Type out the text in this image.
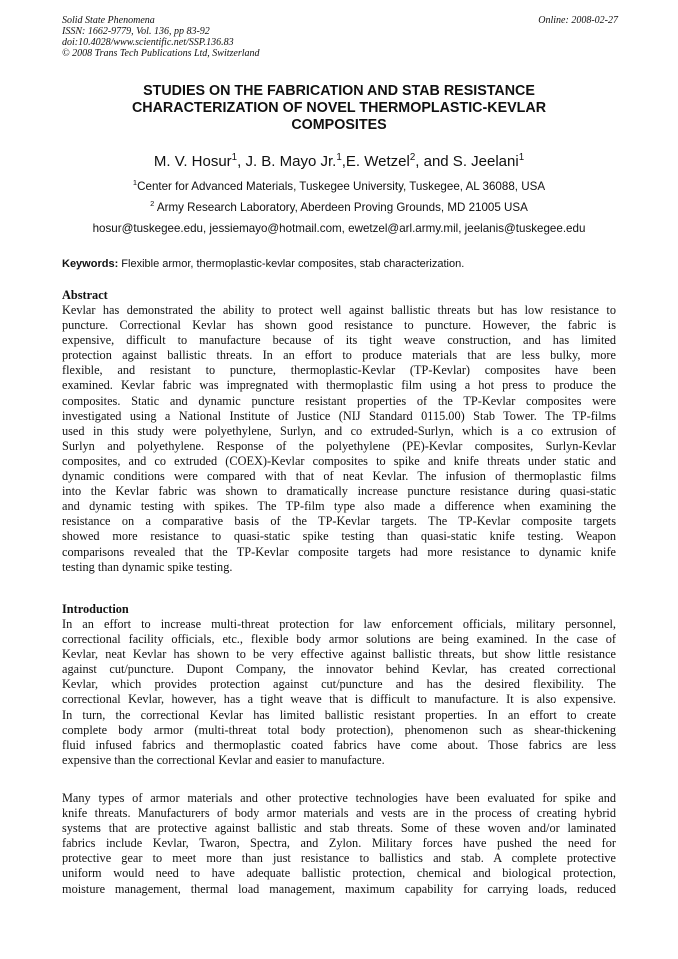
Solid State Phenomena
ISSN: 1662-9779, Vol. 136, pp 83-92
doi:10.4028/www.scientific.net/SSP.136.83
© 2008 Trans Tech Publications Ltd, Switzerland
Online: 2008-02-27
STUDIES ON THE FABRICATION AND STAB RESISTANCE
CHARACTERIZATION OF NOVEL THERMOPLASTIC-KEVLAR
COMPOSITES
M. V. Hosur$^1$, J. B. Mayo Jr.$^1$,E. Wetzel$^2$, and S. Jeelani$^1$
$^1$Center for Advanced Materials, Tuskegee University, Tuskegee, AL 36088, USA
$^2$ Army Research Laboratory, Aberdeen Proving Grounds, MD 21005 USA
hosur@tuskegee.edu, jessiemayo@hotmail.com, ewetzel@arl.army.mil, jeelanis@tuskegee.edu
Keywords: Flexible armor, thermoplastic-kevlar composites, stab characterization.
Abstract
Kevlar has demonstrated the ability to protect well against ballistic threats but has low resistance to
puncture. Correctional Kevlar has shown good resistance to puncture. However, the fabric is
expensive, difficult to manufacture because of its tight weave construction, and has limited
protection against ballistic threats. In an effort to produce materials that are less bulky, more
flexible, and resistant to puncture, thermoplastic-Kevlar (TP-Kevlar) composites have been
examined. Kevlar fabric was impregnated with thermoplastic film using a hot press to produce the
composites. Static and dynamic puncture resistant properties of the TP-Kevlar composites were
investigated using a National Institute of Justice (NIJ Standard 0115.00) Stab Tower. The TP-films
used in this study were polyethylene, Surlyn, and co extruded-Surlyn, which is a co extrusion of
Surlyn and polyethylene. Response of the polyethylene (PE)-Kevlar composites, Surlyn-Kevlar
composites, and co extruded (COEX)-Kevlar composites to spike and knife threats under static and
dynamic conditions were compared with that of neat Kevlar. The infusion of thermoplastic films
into the Kevlar fabric was shown to dramatically increase puncture resistance during quasi-static
and dynamic testing with spikes. The TP-film type also made a difference when examining the
resistance on a comparative basis of the TP-Kevlar targets. The TP-Kevlar composite targets
showed more resistance to quasi-static spike testing than quasi-static knife testing. Weapon
comparisons revealed that the TP-Kevlar composite targets had more resistance to dynamic knife
testing than dynamic spike testing.
Introduction
In an effort to increase multi-threat protection for law enforcement officials, military personnel,
correctional facility officials, etc., flexible body armor solutions are being examined. In the case of
Kevlar, neat Kevlar has shown to be very effective against ballistic threats, but show little resistance
against cut/puncture. Dupont Company, the innovator behind Kevlar, has created correctional
Kevlar, which provides protection against cut/puncture and has the desired flexibility. The
correctional Kevlar, however, has a tight weave that is difficult to manufacture. It is also expensive.
In turn, the correctional Kevlar has limited ballistic resistant properties. In an effort to create
complete body armor (multi-threat total body protection), phenomenon such as shear-thickening
fluid infused fabrics and thermoplastic coated fabrics have come about. Those fabrics are less
expensive than the correctional Kevlar and easier to manufacture.
Many types of armor materials and other protective technologies have been evaluated for spike and
knife threats. Manufacturers of body armor materials and vests are in the process of creating hybrid
systems that are protective against ballistic and stab threats. Some of these woven and/or laminated
fabrics include Kevlar, Twaron, Spectra, and Zylon. Military forces have pushed the need for
protective gear to meet more than just resistance to ballistics and stab. A complete protective
uniform would need to have adequate ballistic protection, chemical and biological protection,
moisture management, thermal load management, maximum capability for carrying loads, reduced
